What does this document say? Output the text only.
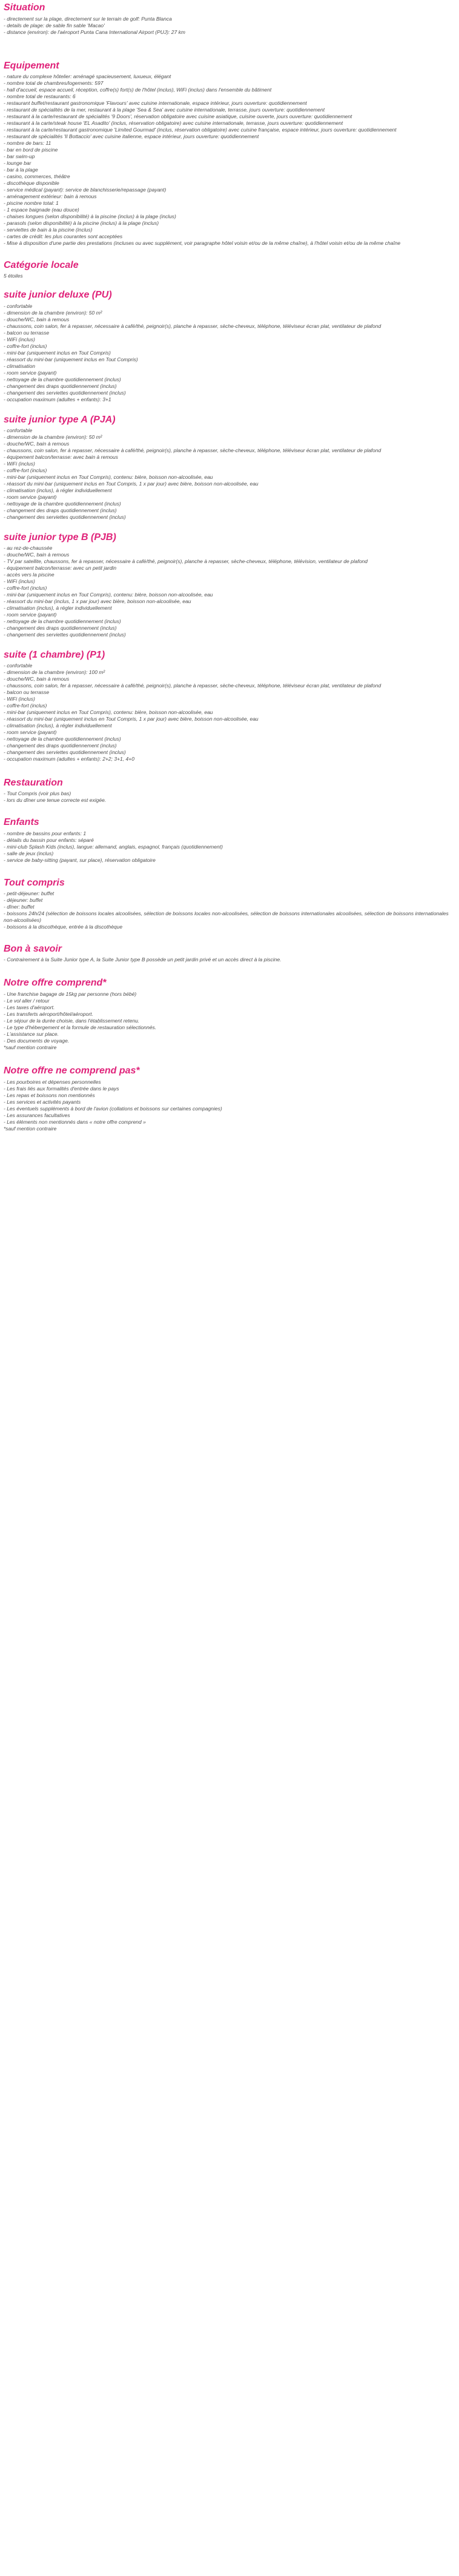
Situation
- directement sur la plage, directement sur le terrain de golf: Punta Blanca
- details de plage: de sable fin sable 'Macao'
- distance (environ): de l'aéroport Punta Cana International Airport (PUJ): 27 km
Equipement
- nature du complexe hôtelier: aménagé spacieusement, luxueux, élégant
- nombre total de chambres/logements: 597
- hall d'accueil, espace accueil, réception, coffre(s) fort(s) de l'hôtel (inclus), WiFi (inclus) dans l'ensemble du bâtiment
- nombre total de restaurants: 6
- restaurant buffet/restaurant gastronomique 'Flavours' avec cuisine internationale, espace intérieur, jours ouverture: quotidiennement
- restaurant de spécialités de la mer, restaurant à la plage 'Sea & Sea' avec cuisine internationale, terrasse, jours ouverture: quotidiennement
- restaurant à la carte/restaurant de spécialités '9 Doors', réservation obligatoire avec cuisine asiatique, cuisine ouverte, jours ouverture: quotidiennement
- restaurant à la carte/steak house 'EL Asadito' (inclus, réservation obligatoire) avec cuisine internationale, terrasse, jours ouverture: quotidiennement
- restaurant à la carte/restaurant gastronomique 'Limited Gourmad' (inclus, réservation obligatoire) avec cuisine française, espace intérieur, jours ouverture: quotidiennement
- restaurant de spécialités 'Il Bottaccio' avec cuisine italienne, espace intérieur, jours ouverture: quotidiennement
- nombre de bars: 11
- bar en bord de piscine
- bar swim-up
- lounge bar
- bar à la plage
- casino, commerces, théâtre
- discothèque disponible
- service médical (payant): service de blanchisserie/repassage (payant)
- aménagement extérieur: bain à remous
- piscine nombre total: 1
- 1 espace baignade (eau douce)
- chaises longues (selon disponibilité) à la piscine (inclus) à la plage (inclus)
- parasols (selon disponibilité) à la piscine (inclus) à la plage (inclus)
- serviettes de bain à la piscine (inclus)
- cartes de crédit: les plus courantes sont acceptées
- Mise à disposition d'une partie des prestations (incluses ou avec supplément, voir paragraphe hôtel voisin et/ou de la même chaîne), à l'hôtel voisin et/ou de la même chaîne
Catégorie locale

5 étoiles

suite junior deluxe (PU)
- confortable
- dimension de la chambre (environ): 50 m²
- douche/WC, bain à remous
- chaussons, coin salon, fer à repasser, nécessaire à café/thé, peignoir(s), planche à repasser, sèche-cheveux, téléphone, téléviseur écran plat, ventilateur de plafond
- balcon ou terrasse
- WiFi (inclus)
- coffre-fort (inclus)
- mini-bar (uniquement inclus en Tout Compris)
- réassort du mini-bar (uniquement inclus en Tout Compris)
- climatisation
- room service (payant)
- nettoyage de la chambre quotidiennement (inclus)
- changement des draps quotidiennement (inclus)
- changement des serviettes quotidiennement (inclus)
- occupation maximum (adultes + enfants): 3+1
suite junior type A (PJA)
- confortable
- dimension de la chambre (environ): 50 m²
- douche/WC, bain à remous
- chaussons, coin salon, fer à repasser, nécessaire à café/thé, peignoir(s), planche à repasser, sèche-cheveux, téléphone, téléviseur écran plat, ventilateur de plafond
- équipement balcon/terrasse: avec bain à remous
- WiFi (inclus)
- coffre-fort (inclus)
- mini-bar (uniquement inclus en Tout Compris), contenu: bière, boisson non-alcoolisée, eau
- réassort du mini-bar (uniquement inclus en Tout Compris, 1 x par jour) avec bière, boisson non-alcoolisée, eau
- climatisation (inclus), à régler individuellement
- room service (payant)
- nettoyage de la chambre quotidiennement (inclus)
- changement des draps quotidiennement (inclus)
- changement des serviettes quotidiennement (inclus)
suite junior type B (PJB)
- au rez-de-chaussée
- douche/WC, bain à remous
- TV par satellite, chaussons, fer à repasser, nécessaire à café/thé, peignoir(s), planche à repasser, sèche-cheveux, téléphone, télévision, ventilateur de plafond
- équipement balcon/terrasse: avec un petit jardin
- accès vers la piscine
- WiFi (inclus)
- coffre-fort (inclus)
- mini-bar (uniquement inclus en Tout Compris), contenu: bière, boisson non-alcoolisée, eau
- réassort du mini-bar (inclus, 1 x par jour) avec bière, boisson non-alcoolisée, eau
- climatisation (inclus), à régler individuellement
- room service (payant)
- nettoyage de la chambre quotidiennement (inclus)
- changement des draps quotidiennement (inclus)
- changement des serviettes quotidiennement (inclus)
suite (1 chambre) (P1)
- confortable
- dimension de la chambre (environ): 100 m²
- douche/WC, bain à remous
- chaussons, coin salon, fer à repasser, nécessaire à café/thé, peignoir(s), planche à repasser, sèche-cheveux, téléphone, téléviseur écran plat, ventilateur de plafond
- balcon ou terrasse
- WiFi (inclus)
- coffre-fort (inclus)
- mini-bar (uniquement inclus en Tout Compris), contenu: bière, boisson non-alcoolisée, eau
- réassort du mini-bar (uniquement inclus en Tout Compris, 1 x par jour) avec bière, boisson non-alcoolisée, eau
- climatisation (inclus), à régler individuellement
- room service (payant)
- nettoyage de la chambre quotidiennement (inclus)
- changement des draps quotidiennement (inclus)
- changement des serviettes quotidiennement (inclus)
- occupation maximum (adultes + enfants): 2+2; 3+1, 4+0
Restauration
- Tout Compris (voir plus bas)
- lors du dîner une tenue correcte est exigée.
Enfants
- nombre de bassins pour enfants: 1
- détails du bassin pour enfants: séparé
- mini-club Splash Kids (inclus), langue: allemand, anglais, espagnol, français (quotidiennement)
- salle de jeux (inclus)
- service de baby-sitting (payant, sur place), réservation obligatoire
Tout compris
- petit-déjeuner: buffet
- déjeuner: buffet
- dîner: buffet
- boissons 24h/24 (sélection de boissons locales alcoolisées, sélection de boissons locales non-alcoolisées, sélection de boissons internationales alcoolisées, sélection de boissons internationales non-alcoolisées)
- boissons à la discothèque, entrée à la discothèque
Bon à savoir
- Contrairement à la Suite Junior type A, la Suite Junior type B possède un petit jardin privé et un accès direct à la piscine.
Notre offre comprend*
- Une franchise bagage de 15kg par personne (hors bébé)
- Le vol aller / retour
- Les taxes d'aéroport.
- Les transferts aéroport/hôtel/aéroport.
- Le séjour de la durée choisie, dans l'établissement retenu.
- Le type d'hébergement et la formule de restauration sélectionnés.
- L'assistance sur place.
- Des documents de voyage.
*sauf mention contraire
Notre offre ne comprend pas*
- Les pourboires et dépenses personnelles
- Les frais liés aux formalités d'entrée dans le pays
- Les repas et boissons non mentionnés
- Les services et activités payants
- Les éventuels suppléments à bord de l'avion (collations et boissons sur certaines compagnies)
- Les assurances facultatives
- Les éléments non mentionnés dans « notre offre comprend »
*sauf mention contraire
